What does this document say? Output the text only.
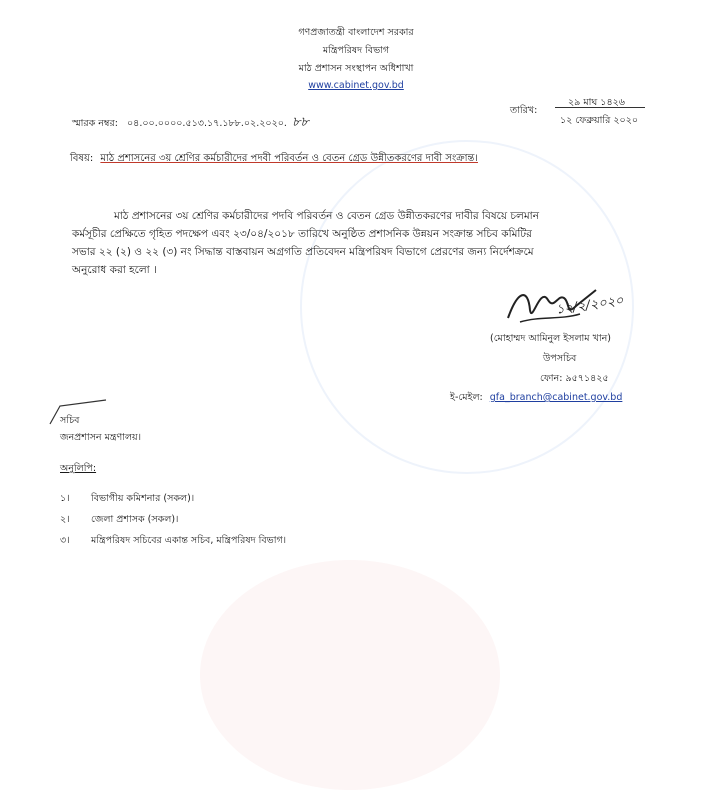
গণপ্রজাতন্ত্রী বাংলাদেশ সরকার
মন্ত্রিপরিষদ বিভাগ
মাঠ প্রশাসন সংস্থাপন অধিশাখা
www.cabinet.gov.bd
২৯ মাঘ ১৪২৬
স্মারক নম্বর: ০৪.০০.০০০০.৫১৩.১৭.১৮৮.০২.২০২০. ৮৮
তারিখ:
১২ ফেব্রুয়ারি ২০২০
বিষয়: মাঠ প্রশাসনের ৩য় শ্রেণির কর্মচারীদের পদবী পরিবর্তন ও বেতন গ্রেড উন্নীতকরণের দাবী সংক্রান্ত।
মাঠ প্রশাসনের ৩য় শ্রেণির কর্মচারীদের পদবি পরিবর্তন ও বেতন গ্রেড উন্নীতকরণের দাবীর বিষয়ে চলমান
কর্মসূচীর প্রেক্ষিতে গৃহিত পদক্ষেপ এবং ২৩/০৪/২০১৮ তারিখে অনুষ্ঠিত প্রশাসনিক উন্নয়ন সংক্রান্ত সচিব কমিটির
সভার ২২ (২) ও ২২ (৩) নং সিদ্ধান্ত বাস্তবায়ন অগ্রগতি প্রতিবেদন মন্ত্রিপরিষদ বিভাগে প্রেরণের জন্য নির্দেশক্রমে
অনুরোধ করা হলো ।
১২/২/২০২০
(মোহাম্মদ আমিনুল ইসলাম খান)
উপসচিব
ফোন: ৯৫৭১৪২৫
ই-মেইল: gfa_branch@cabinet.gov.bd
সচিব
জনপ্রশাসন মন্ত্রণালয়।
অনুলিপি:
১। বিভাগীয় কমিশনার (সকল)।
২। জেলা প্রশাসক (সকল)।
৩। মন্ত্রিপরিষদ সচিবের একান্ত সচিব, মন্ত্রিপরিষদ বিভাগ।
